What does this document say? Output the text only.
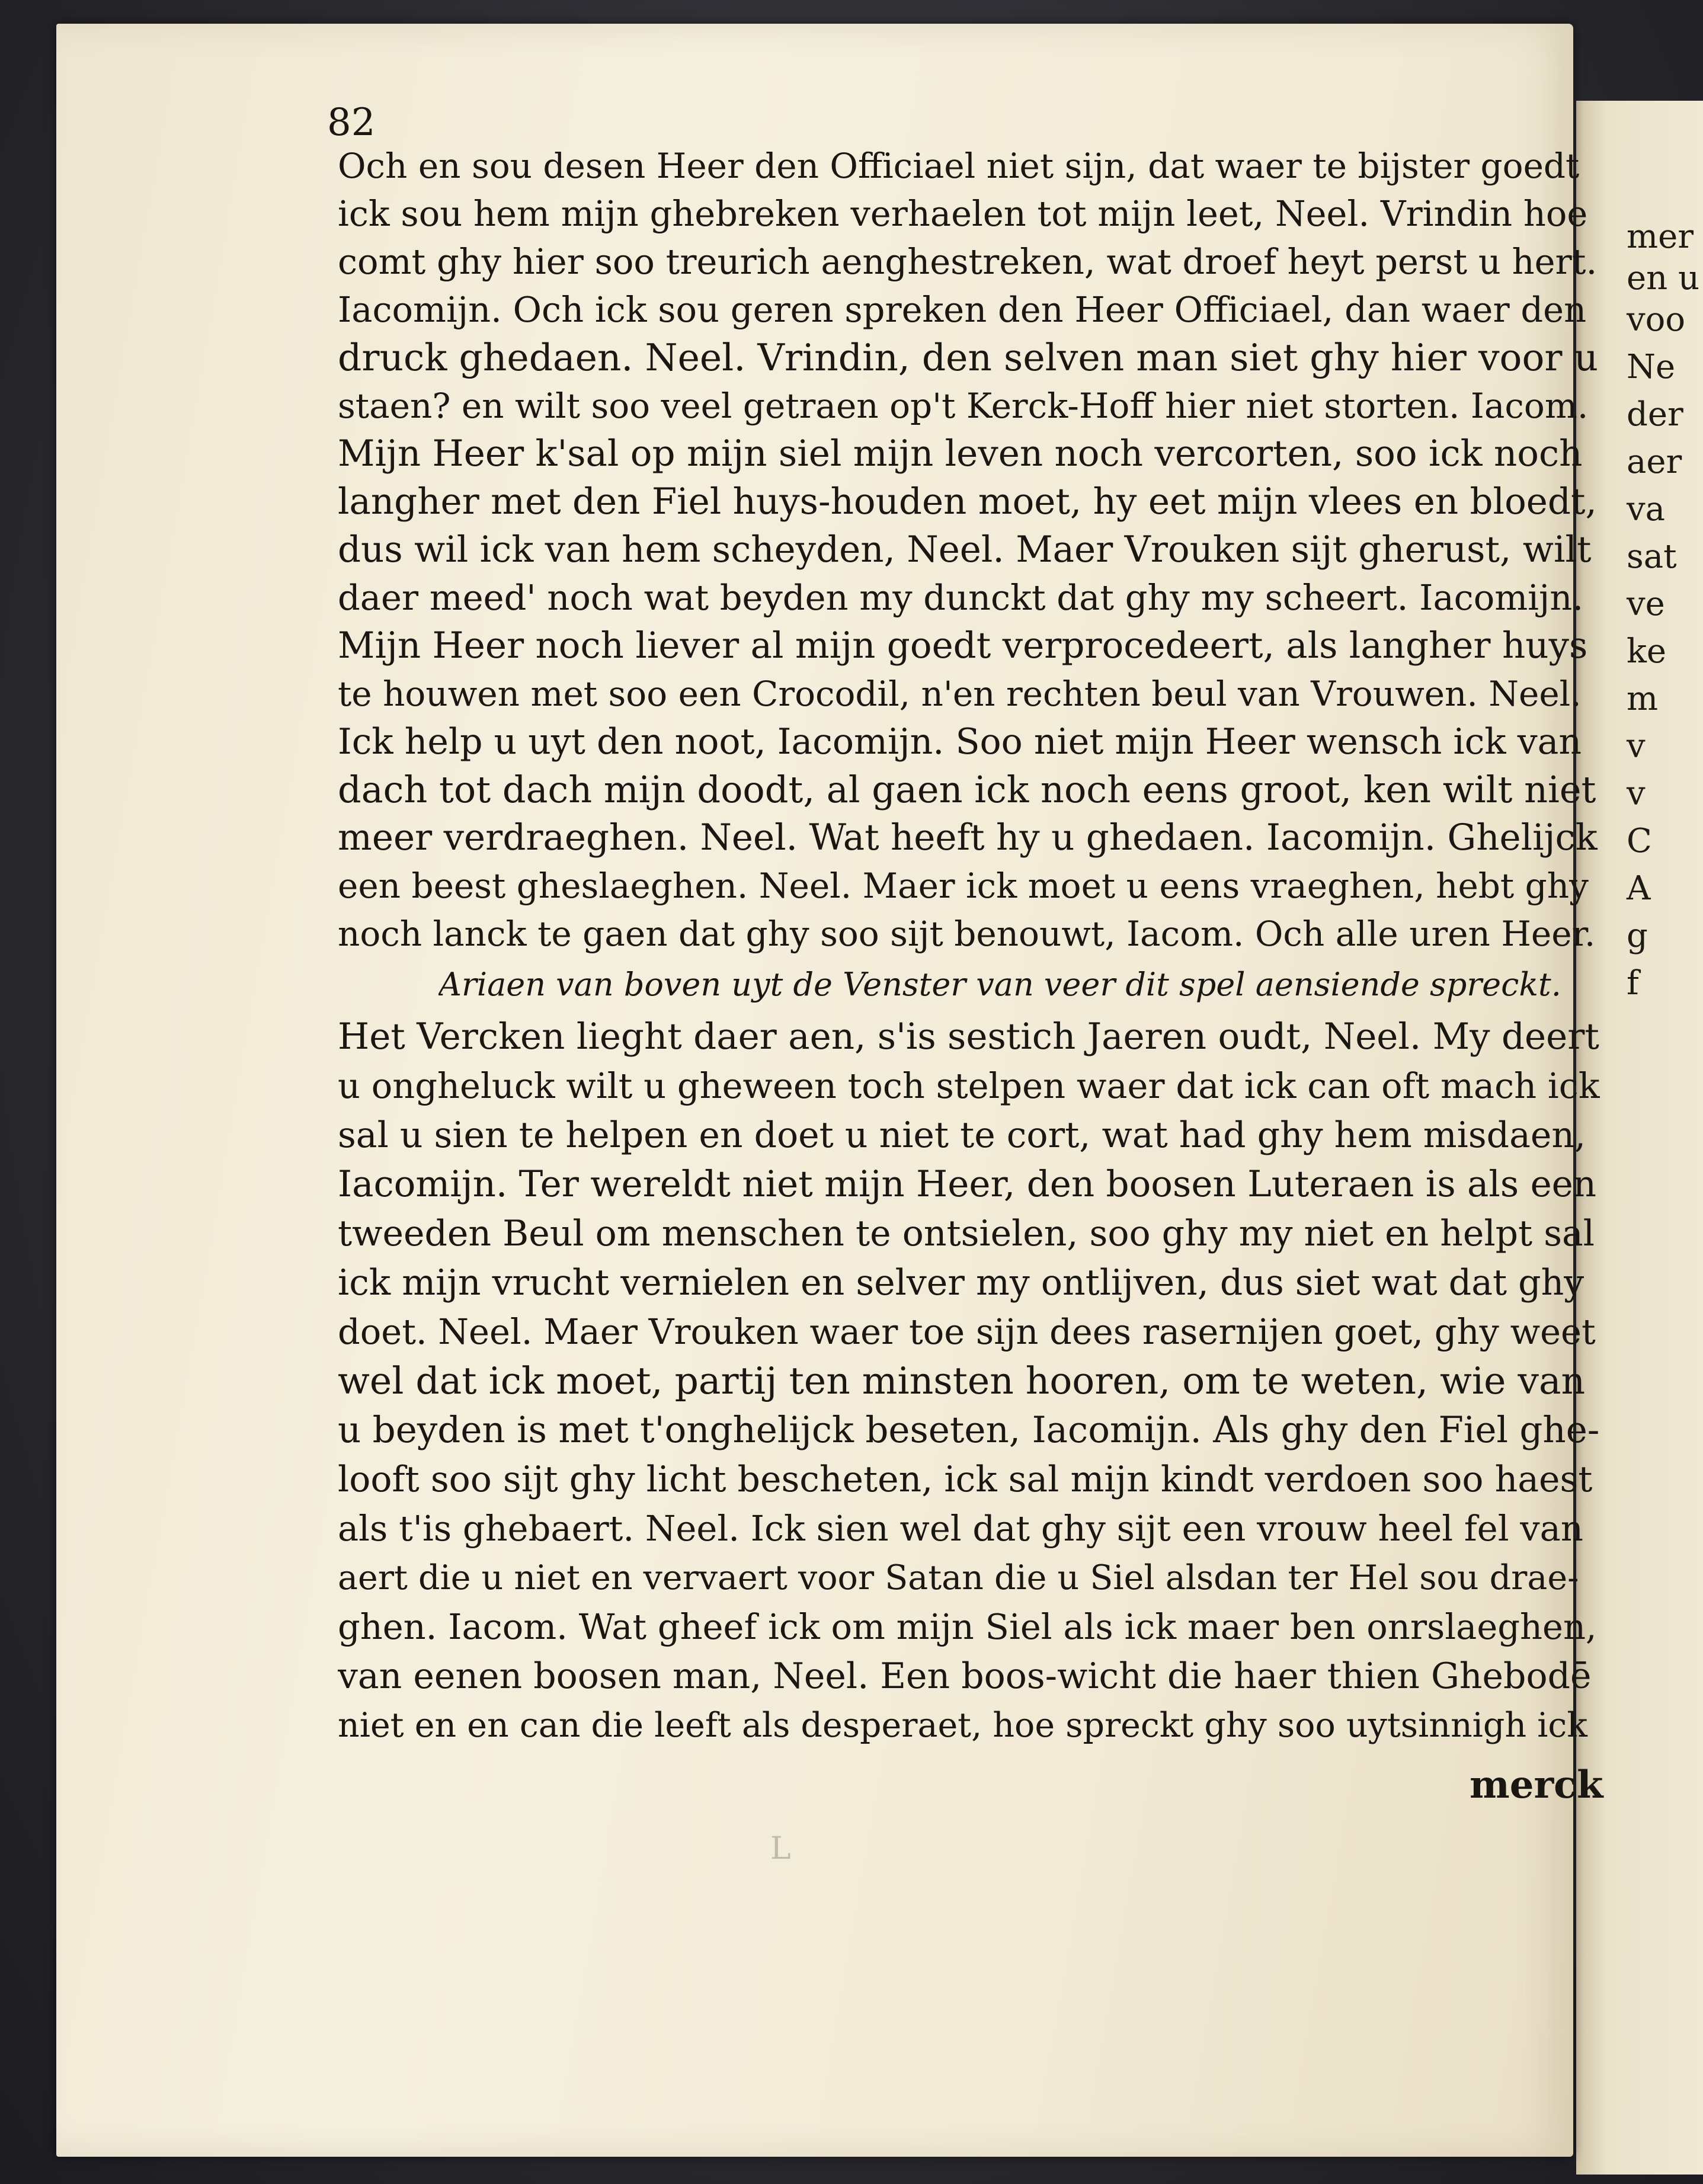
mer
en u
voo
Ne
der
aer
va
sat
ve
ke
m
v
v
C
A
g
f
82
Och en sou desen Heer den Officiael niet sijn, dat waer te bijster goedt
ick sou hem mijn ghebreken verhaelen tot mijn leet, Neel. Vrindin hoe
comt ghy hier soo treurich aenghestreken, wat droef heyt perst u hert.
Iacomijn. Och ick sou geren spreken den Heer Officiael, dan waer den
druck ghedaen. Neel. Vrindin, den selven man siet ghy hier voor u
staen? en wilt soo veel getraen op't Kerck-Hoff hier niet storten. Iacom.
Mijn Heer k'sal op mijn siel mijn leven noch vercorten, soo ick noch
langher met den Fiel huys-houden moet, hy eet mijn vlees en bloedt,
dus wil ick van hem scheyden, Neel. Maer Vrouken sijt gherust, wilt
daer meed' noch wat beyden my dunckt dat ghy my scheert. Iacomijn.
Mijn Heer noch liever al mijn goedt verprocedeert, als langher huys
te houwen met soo een Crocodil, n'en rechten beul van Vrouwen. Neel.
Ick help u uyt den noot, Iacomijn. Soo niet mijn Heer wensch ick van
dach tot dach mijn doodt, al gaen ick noch eens groot, ken wilt niet
meer verdraeghen. Neel. Wat heeft hy u ghedaen. Iacomijn. Ghelijck
een beest gheslaeghen. Neel. Maer ick moet u eens vraeghen, hebt ghy
noch lanck te gaen dat ghy soo sijt benouwt, Iacom. Och alle uren Heer.
Ariaen van boven uyt de Venster van veer dit spel aensiende spreckt.
Het Vercken lieght daer aen, s'is sestich Jaeren oudt, Neel. My deert
u ongheluck wilt u gheween toch stelpen waer dat ick can oft mach ick
sal u sien te helpen en doet u niet te cort, wat had ghy hem misdaen,
Iacomijn. Ter wereldt niet mijn Heer, den boosen Luteraen is als een
tweeden Beul om menschen te ontsielen, soo ghy my niet en helpt sal
ick mijn vrucht vernielen en selver my ontlijven, dus siet wat dat ghy
doet. Neel. Maer Vrouken waer toe sijn dees rasernijen goet, ghy weet
wel dat ick moet, partij ten minsten hooren, om te weten, wie van
u beyden is met t'onghelijck beseten, Iacomijn. Als ghy den Fiel ghe-
looft soo sijt ghy licht bescheten, ick sal mijn kindt verdoen soo haest
als t'is ghebaert. Neel. Ick sien wel dat ghy sijt een vrouw heel fel van
aert die u niet en vervaert voor Satan die u Siel alsdan ter Hel sou drae-
ghen. Iacom. Wat gheef ick om mijn Siel als ick maer ben onrslaeghen,
van eenen boosen man, Neel. Een boos-wicht die haer thien Ghebodē
niet en en can die leeft als desperaet, hoe spreckt ghy soo uytsinnigh ick
merck
L
